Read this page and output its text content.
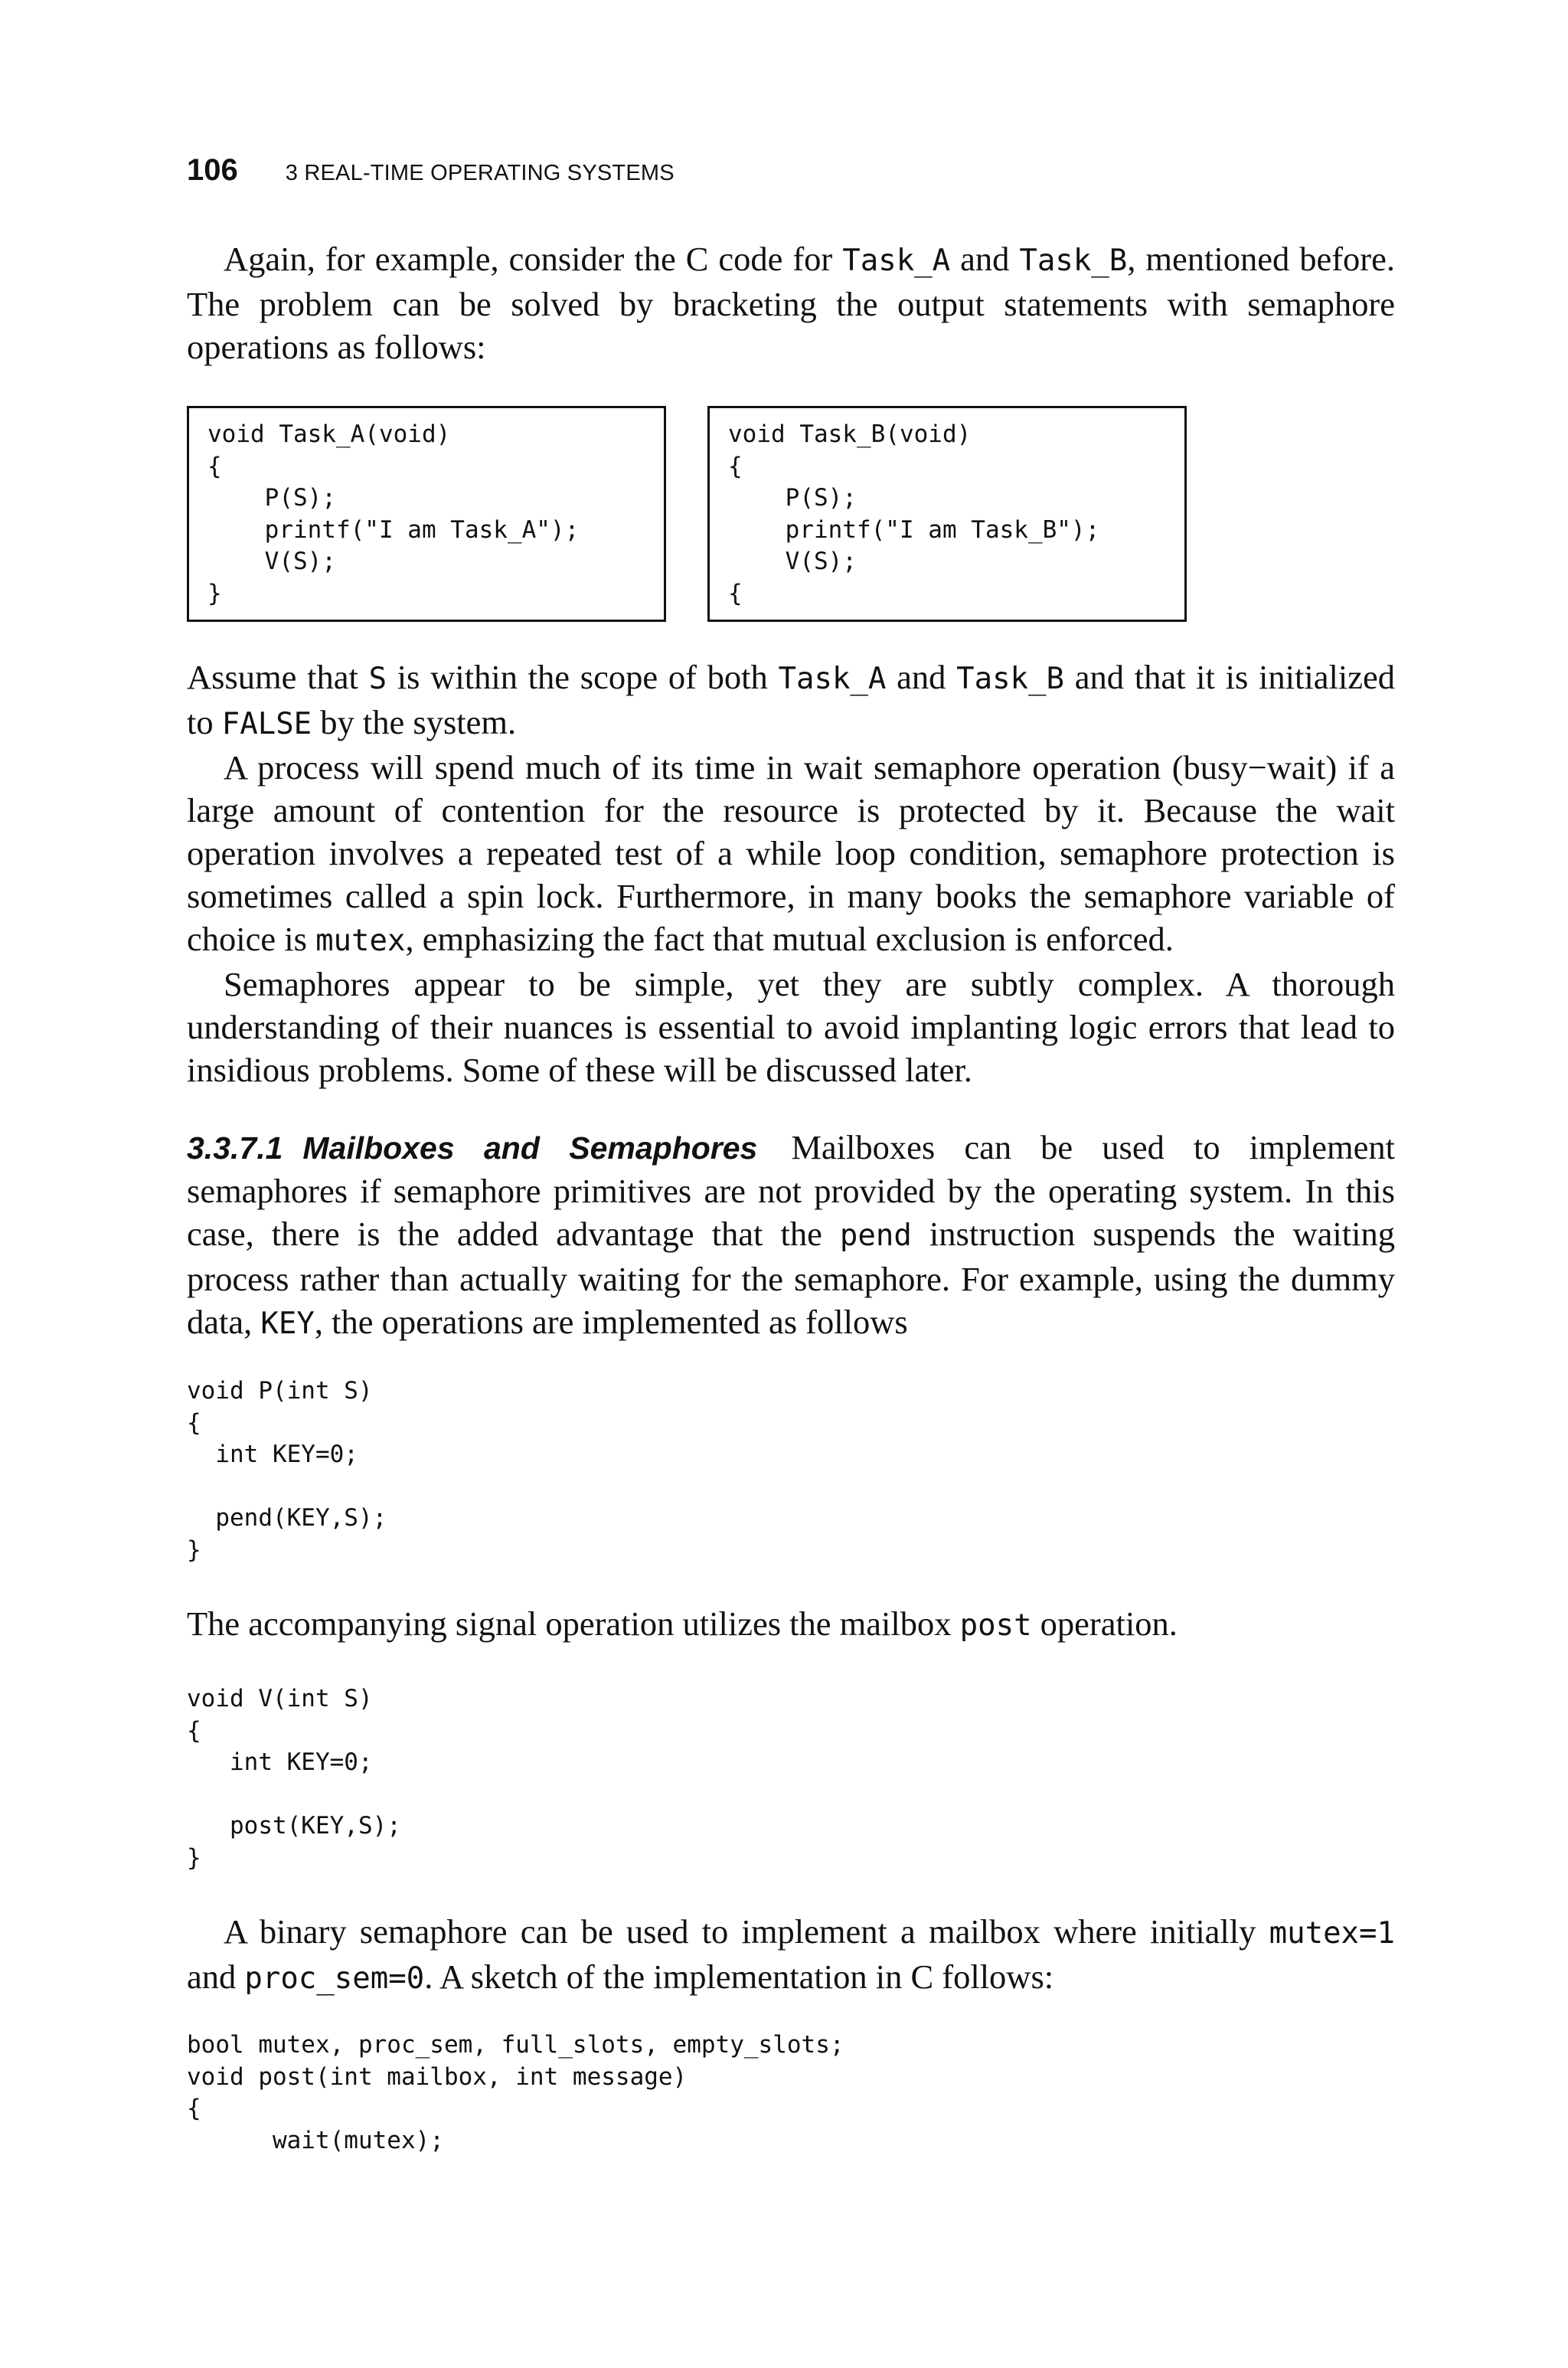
106 3 REAL-TIME OPERATING SYSTEMS

Again, for example, consider the C code for Task_A and Task_B, mentioned before. The problem can be solved by bracketing the output statements with semaphore operations as follows:

void Task_A(void)
{
P(S);
printf("I am Task_A");
V(S);
}
void Task_B(void)
{
P(S);
printf("I am Task_B");
V(S);
{

Assume that S is within the scope of both Task_A and Task_B and that it is initialized to FALSE by the system.

A process will spend much of its time in wait semaphore operation (busy−wait) if a large amount of contention for the resource is protected by it. Because the wait operation involves a repeated test of a while loop condition, semaphore protection is sometimes called a spin lock. Furthermore, in many books the semaphore variable of choice is mutex, emphasizing the fact that mutual exclusion is enforced.

Semaphores appear to be simple, yet they are subtly complex. A thorough understanding of their nuances is essential to avoid implanting logic errors that lead to insidious problems. Some of these will be discussed later.

3.3.7.1 Mailboxes and Semaphores Mailboxes can be used to implement semaphores if semaphore primitives are not provided by the operating system. In this case, there is the added advantage that the pend instruction suspends the waiting process rather than actually waiting for the semaphore. For example, using the dummy data, KEY, the operations are implemented as follows

void P(int S)
{
int KEY=0;

pend(KEY,S);
}

The accompanying signal operation utilizes the mailbox post operation.

void V(int S)
{
int KEY=0;

post(KEY,S);
}

A binary semaphore can be used to implement a mailbox where initially mutex=1 and proc_sem=0. A sketch of the implementation in C follows:

bool mutex, proc_sem, full_slots, empty_slots;
void post(int mailbox, int message)
{
wait(mutex);
